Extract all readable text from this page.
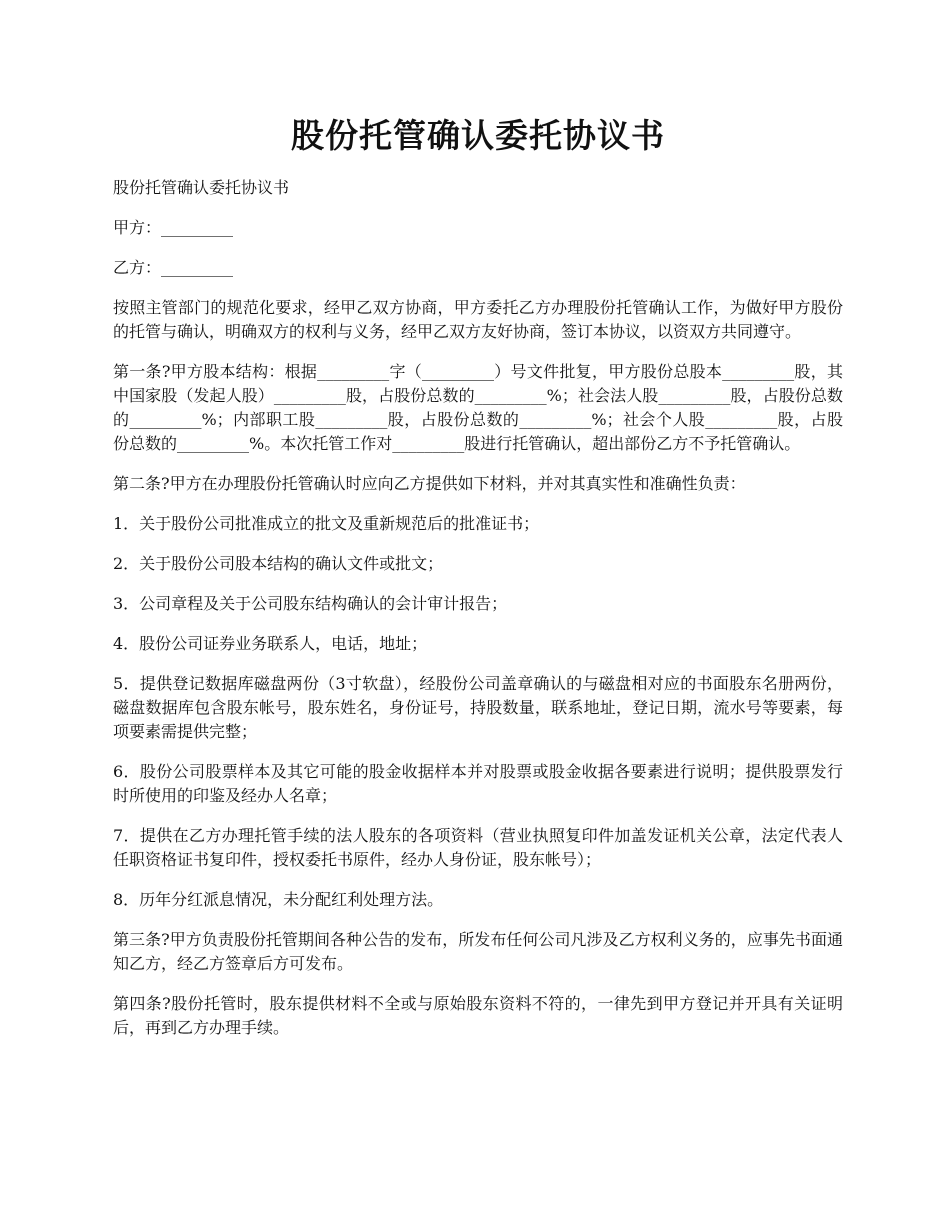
股份托管确认委托协议书

股份托管确认委托协议书

甲方：_________

乙方：_________

按照主管部门的规范化要求，经甲乙双方协商，甲方委托乙方办理股份托管确认工作，为做好甲方股份的托管与确认，明确双方的权利与义务，经甲乙双方友好协商，签订本协议，以资双方共同遵守。

第一条?甲方股本结构：根据_________字（_________）号文件批复，甲方股份总股本_________股，其中国家股（发起人股）_________股，占股份总数的_________%；社会法人股_________股，占股份总数的_________%；内部职工股_________股，占股份总数的_________%；社会个人股_________股，占股份总数的_________%。本次托管工作对_________股进行托管确认，超出部份乙方不予托管确认。

第二条?甲方在办理股份托管确认时应向乙方提供如下材料，并对其真实性和准确性负责：

1．关于股份公司批准成立的批文及重新规范后的批准证书；

2．关于股份公司股本结构的确认文件或批文；

3．公司章程及关于公司股东结构确认的会计审计报告；

4．股份公司证券业务联系人，电话，地址；

5．提供登记数据库磁盘两份（3寸软盘），经股份公司盖章确认的与磁盘相对应的书面股东名册两份，磁盘数据库包含股东帐号，股东姓名，身份证号，持股数量，联系地址，登记日期，流水号等要素，每项要素需提供完整；

6．股份公司股票样本及其它可能的股金收据样本并对股票或股金收据各要素进行说明；提供股票发行时所使用的印鉴及经办人名章；

7．提供在乙方办理托管手续的法人股东的各项资料（营业执照复印件加盖发证机关公章，法定代表人任职资格证书复印件，授权委托书原件，经办人身份证，股东帐号）；

8．历年分红派息情况，未分配红利处理方法。

第三条?甲方负责股份托管期间各种公告的发布，所发布任何公司凡涉及乙方权利义务的，应事先书面通知乙方，经乙方签章后方可发布。

第四条?股份托管时，股东提供材料不全或与原始股东资料不符的，一律先到甲方登记并开具有关证明后，再到乙方办理手续。
